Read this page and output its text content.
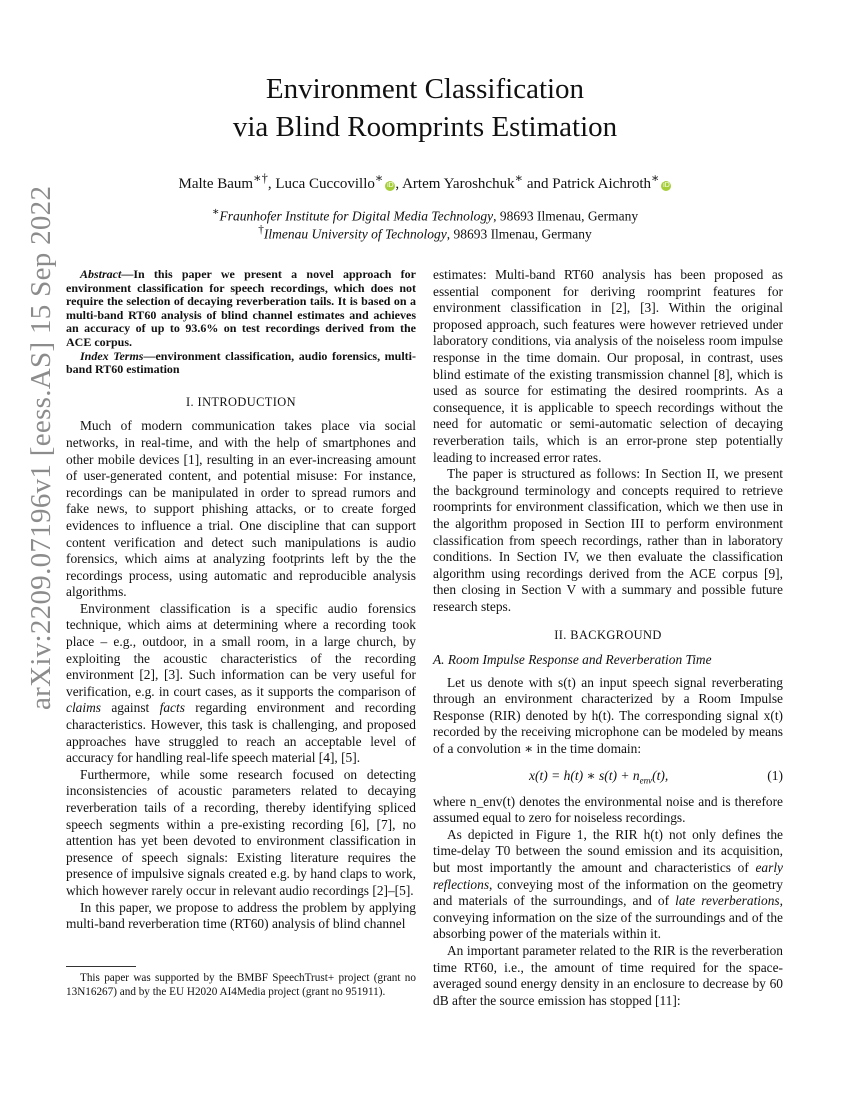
arXiv:2209.07196v1 [eess.AS] 15 Sep 2022
Environment Classification
via Blind Roomprints Estimation
Malte Baum∗†, Luca Cuccovillo∗iD , Artem Yaroshchuk∗ and Patrick Aichroth∗iD
∗Fraunhofer Institute for Digital Media Technology, 98693 Ilmenau, Germany
†Ilmenau University of Technology, 98693 Ilmenau, Germany

Abstract—In this paper we present a novel approach for environment classification for speech recordings, which does not require the selection of decaying reverberation tails. It is based on a multi-band RT60 analysis of blind channel estimates and achieves an accuracy of up to 93.6% on test recordings derived from the ACE corpus.

Index Terms—environment classification, audio forensics, multi-band RT60 estimation

I. INTRODUCTION

Much of modern communication takes place via social networks, in real-time, and with the help of smartphones and other mobile devices [1], resulting in an ever-increasing amount of user-generated content, and potential misuse: For instance, recordings can be manipulated in order to spread rumors and fake news, to support phishing attacks, or to create forged evidences to influence a trial. One discipline that can support content verification and detect such manipulations is audio forensics, which aims at analyzing footprints left by the the recordings process, using automatic and reproducible analysis algorithms.

Environment classification is a specific audio forensics technique, which aims at determining where a recording took place – e.g., outdoor, in a small room, in a large church, by exploiting the acoustic characteristics of the recording environment [2], [3]. Such information can be very useful for verification, e.g. in court cases, as it supports the comparison of claims against facts regarding environment and recording characteristics. However, this task is challenging, and proposed approaches have struggled to reach an acceptable level of accuracy for handling real-life speech material [4], [5].

Furthermore, while some research focused on detecting inconsistencies of acoustic parameters related to decaying reverberation tails of a recording, thereby identifying spliced speech segments within a pre-existing recording [6], [7], no attention has yet been devoted to environment classification in presence of speech signals: Existing literature requires the presence of impulsive signals created e.g. by hand claps to work, which however rarely occur in relevant audio recordings [2]–[5].

In this paper, we propose to address the problem by applying multi-band reverberation time (RT60) analysis of blind channel

This paper was supported by the BMBF SpeechTrust+ project (grant no 13N16267) and by the EU H2020 AI4Media project (grant no 951911).

estimates: Multi-band RT60 analysis has been proposed as essential component for deriving roomprint features for environment classification in [2], [3]. Within the original proposed approach, such features were however retrieved under laboratory conditions, via analysis of the noiseless room impulse response in the time domain. Our proposal, in contrast, uses blind estimate of the existing transmission channel [8], which is used as source for estimating the desired roomprints. As a consequence, it is applicable to speech recordings without the need for automatic or semi-automatic selection of decaying reverberation tails, which is an error-prone step potentially leading to increased error rates.

The paper is structured as follows: In Section II, we present the background terminology and concepts required to retrieve roomprints for environment classification, which we then use in the algorithm proposed in Section III to perform environment classification from speech recordings, rather than in laboratory conditions. In Section IV, we then evaluate the classification algorithm using recordings derived from the ACE corpus [9], then closing in Section V with a summary and possible future research steps.

II. BACKGROUND
A. Room Impulse Response and Reverberation Time

Let us denote with s(t) an input speech signal reverberating through an environment characterized by a Room Impulse Response (RIR) denoted by h(t). The corresponding signal x(t) recorded by the receiving microphone can be modeled by means of a convolution ∗ in the time domain:

x(t) = h(t) ∗ $s(t) + n_{env}(t)$,	(1)

where n_env(t) denotes the environmental noise and is therefore assumed equal to zero for noiseless recordings.

As depicted in Figure 1, the RIR h(t) not only defines the time-delay T0 between the sound emission and its acquisition, but most importantly the amount and characteristics of early reflections, conveying most of the information on the geometry and materials of the surroundings, and of late reverberations, conveying information on the size of the surroundings and of the absorbing power of the materials within it.

An important parameter related to the RIR is the reverberation time RT60, i.e., the amount of time required for the space-averaged sound energy density in an enclosure to decrease by 60 dB after the source emission has stopped [11]:
